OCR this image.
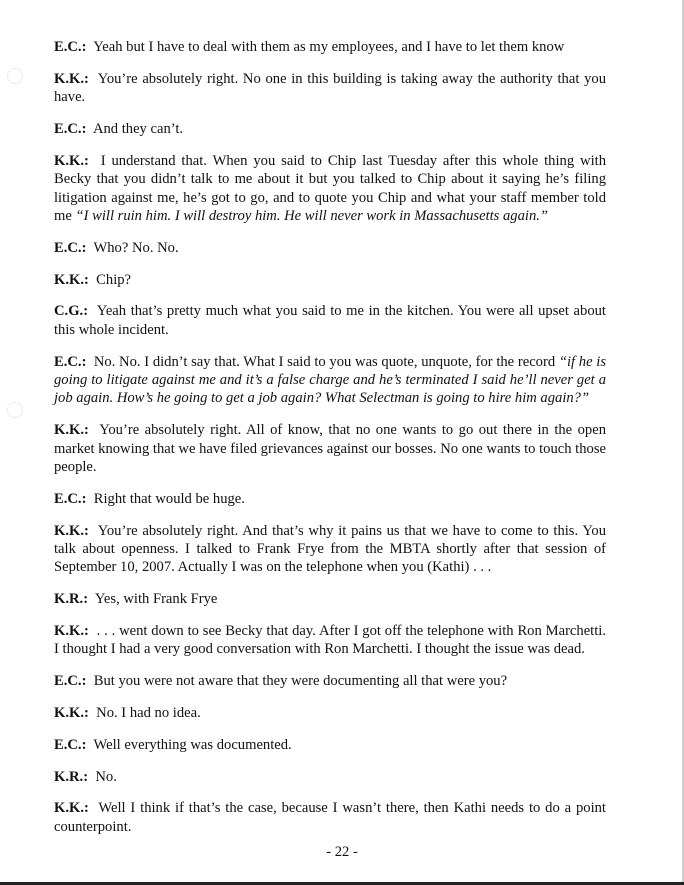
E.C.: Yeah but I have to deal with them as my employees, and I have to let them know

K.K.: You’re absolutely right. No one in this building is taking away the authority that you have.

E.C.: And they can’t.

K.K.: I understand that. When you said to Chip last Tuesday after this whole thing with Becky that you didn’t talk to me about it but you talked to Chip about it saying he’s filing litigation against me, he’s got to go, and to quote you Chip and what your staff member told me “I will ruin him. I will destroy him. He will never work in Massachusetts again.”

E.C.: Who? No. No.

K.K.: Chip?

C.G.: Yeah that’s pretty much what you said to me in the kitchen. You were all upset about this whole incident.

E.C.: No. No. I didn’t say that. What I said to you was quote, unquote, for the record “if he is going to litigate against me and it’s a false charge and he’s terminated I said he’ll never get a job again. How’s he going to get a job again? What Selectman is going to hire him again?”

K.K.: You’re absolutely right. All of know, that no one wants to go out there in the open market knowing that we have filed grievances against our bosses. No one wants to touch those people.

E.C.: Right that would be huge.

K.K.: You’re absolutely right. And that’s why it pains us that we have to come to this. You talk about openness. I talked to Frank Frye from the MBTA shortly after that session of September 10, 2007. Actually I was on the telephone when you (Kathi) . . .

K.R.: Yes, with Frank Frye

K.K.: . . . went down to see Becky that day. After I got off the telephone with Ron Marchetti. I thought I had a very good conversation with Ron Marchetti. I thought the issue was dead.

E.C.: But you were not aware that they were documenting all that were you?

K.K.: No. I had no idea.

E.C.: Well everything was documented.

K.R.: No.

K.K.: Well I think if that’s the case, because I wasn’t there, then Kathi needs to do a point counterpoint.

- 22 -
